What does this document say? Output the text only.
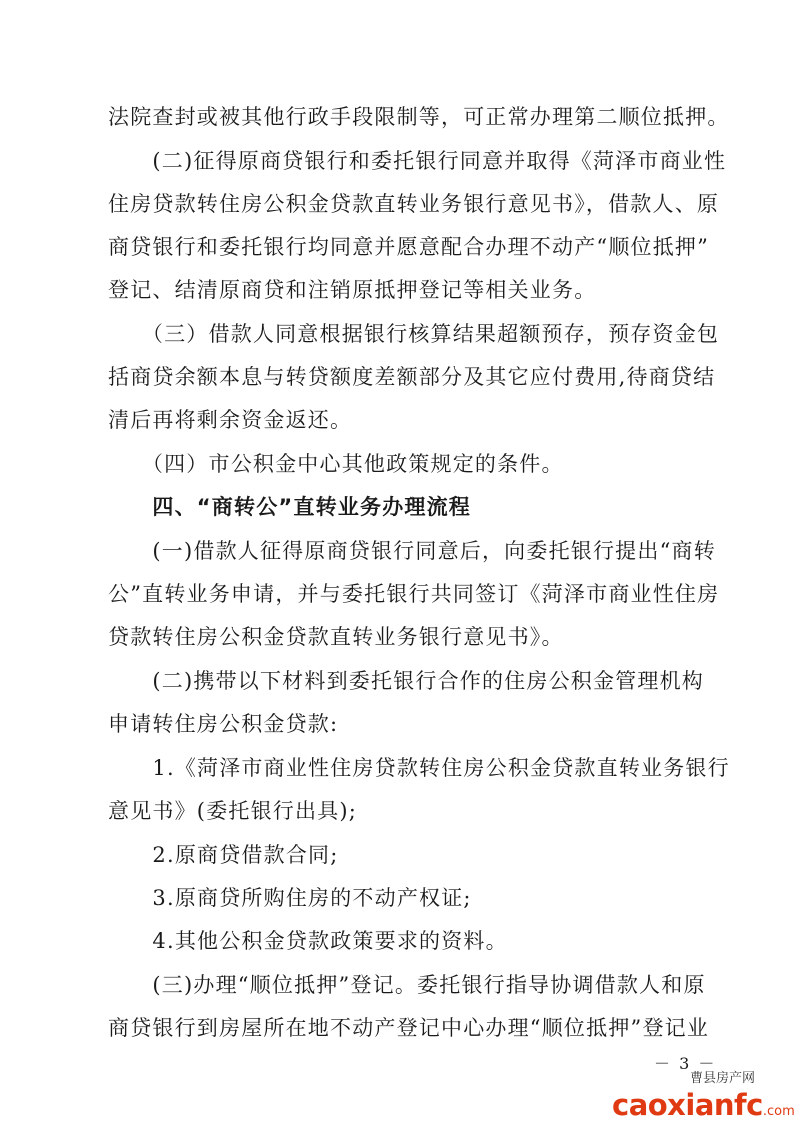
法院查封或被其他行政手段限制等，可正常办理第二顺位抵押。
　　(二)征得原商贷银行和委托银行同意并取得《菏泽市商业性
住房贷款转住房公积金贷款直转业务银行意见书》，借款人、原
商贷银行和委托银行均同意并愿意配合办理不动产“顺位抵押”
登记、结清原商贷和注销原抵押登记等相关业务。
　　（三）借款人同意根据银行核算结果超额预存，预存资金包
括商贷余额本息与转贷额度差额部分及其它应付费用,待商贷结
清后再将剩余资金返还。
　　（四）市公积金中心其他政策规定的条件。
　　四、“商转公”直转业务办理流程
　　(一)借款人征得原商贷银行同意后，向委托银行提出“商转
公”直转业务申请，并与委托银行共同签订《菏泽市商业性住房
贷款转住房公积金贷款直转业务银行意见书》。
　　(二)携带以下材料到委托银行合作的住房公积金管理机构
申请转住房公积金贷款:
　　1.《菏泽市商业性住房贷款转住房公积金贷款直转业务银行
意见书》(委托银行出具);
　　2.原商贷借款合同;
　　3.原商贷所购住房的不动产权证;
　　4.其他公积金贷款政策要求的资料。
　　(三)办理“顺位抵押”登记。委托银行指导协调借款人和原
商贷银行到房屋所在地不动产登记中心办理“顺位抵押”登记业
－ 3 －
曹县房产网
caoxianfc.com
